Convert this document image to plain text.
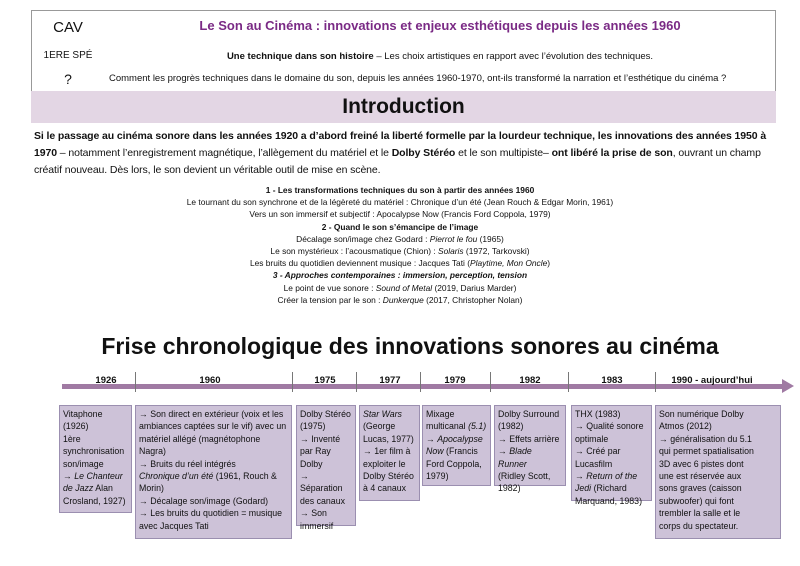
CAV
1ERE SPÉ
?
Le Son au Cinéma : innovations et enjeux esthétiques depuis les années 1960
Une technique dans son histoire – Les choix artistiques en rapport avec l’évolution des techniques.
Comment les progrès techniques dans le domaine du son, depuis les années 1960-1970, ont-ils transformé la narration et l’esthétique du cinéma ?
Introduction
Si le passage au cinéma sonore dans les années 1920 a d’abord freiné la liberté formelle par la lourdeur technique, les innovations des années 1950 à 1970 – notamment l’enregistrement magnétique, l’allègement du matériel et le Dolby Stéréo et le son multipiste– ont libéré la prise de son, ouvrant un champ créatif nouveau. Dès lors, le son devient un véritable outil de mise en scène.
1 - Les transformations techniques du son à partir des années 1960
Le tournant du son synchrone et de la légèreté du matériel : Chronique d’un été (Jean Rouch & Edgar Morin, 1961)
Vers un son immersif et subjectif : Apocalypse Now (Francis Ford Coppola, 1979)
2 - Quand le son s’émancipe de l’image
Décalage son/image chez Godard : Pierrot le fou (1965)
Le son mystérieux : l’acousmatique (Chion) : Solaris (1972, Tarkovski)
Les bruits du quotidien deviennent musique : Jacques Tati (Playtime, Mon Oncle)
3 - Approches contemporaines : immersion, perception, tension
Le point de vue sonore : Sound of Metal (2019, Darius Marder)
Créer la tension par le son : Dunkerque (2017, Christopher Nolan)
Frise chronologique des innovations sonores au cinéma
1926	1960	1975	1977	1979	1982	1983	1990 - aujourd’hui
Vitaphone
(1926)
1ère
synchronisation
son/image
→ Le Chanteur
de Jazz Alan
Crosland, 1927)
→ Son direct en extérieur (voix et les
ambiances captées sur le vif) avec un
matériel allégé (magnétophone Nagra)
→ Bruits du réel intégrés
Chronique d’un été (1961, Rouch &
Morin)
→ Décalage son/image (Godard)
→ Les bruits du quotidien = musique
avec Jacques Tati
Dolby Stéréo
(1975)
→ Inventé
par Ray
Dolby
→ Séparation
des canaux
→ Son
immersif
Star Wars
(George
Lucas, 1977)
→ 1er film à
exploiter le
Dolby Stéréo
à 4 canaux
Mixage
multicanal (5.1)
→ Apocalypse
Now (Francis
Ford Coppola,
1979)
Dolby Surround
(1982)
→ Effets arrière
→ Blade Runner
(Ridley Scott,
1982)
THX (1983)
→ Qualité sonore
optimale
→ Créé par
Lucasfilm
→ Return of the
Jedi (Richard
Marquand, 1983)
Son numérique Dolby
Atmos (2012)
→ généralisation du 5.1
qui permet spatialisation
3D avec 6 pistes dont
une est réservée aux
sons graves (caisson
subwoofer) qui font
trembler la salle et le
corps du spectateur.
